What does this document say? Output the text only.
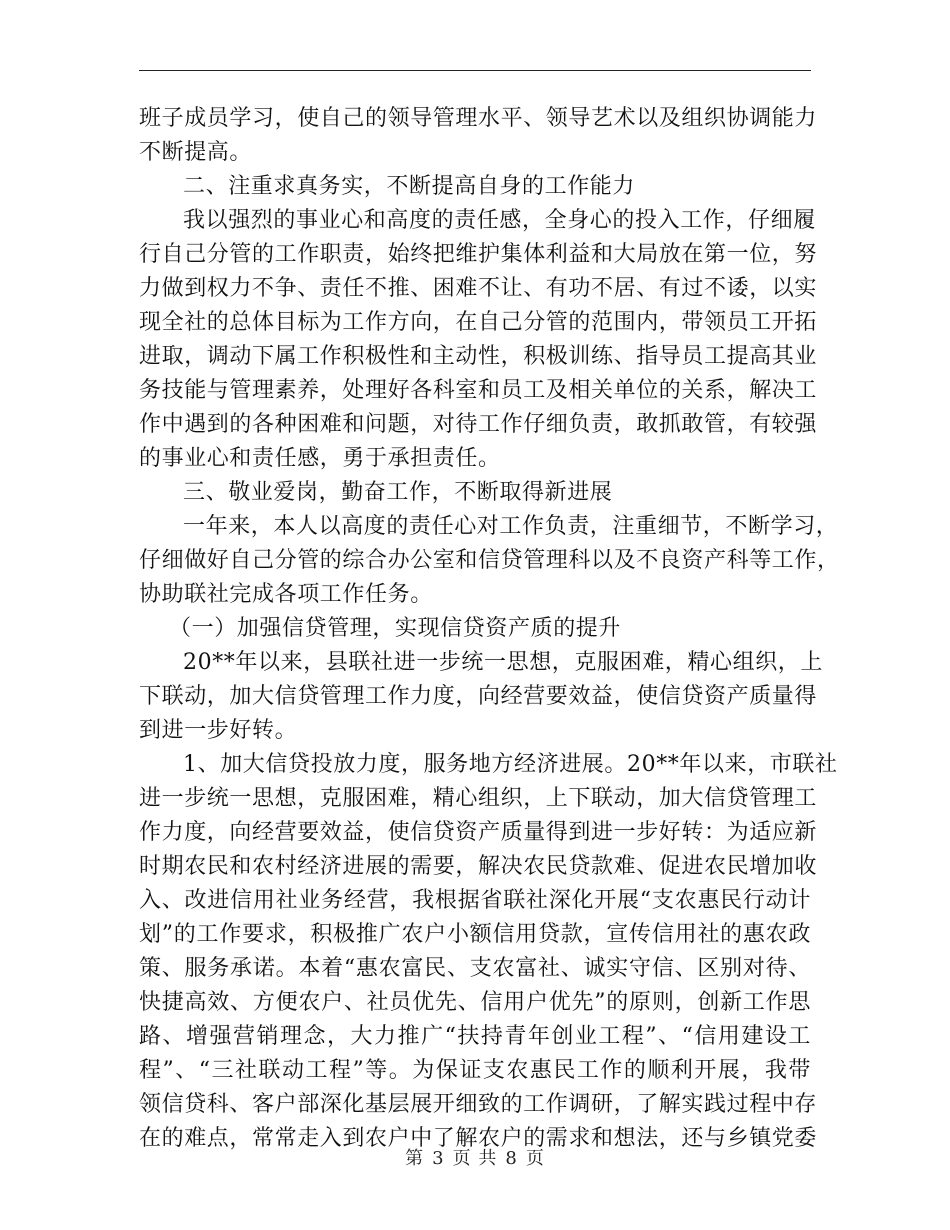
班子成员学习，使自己的领导管理水平、领导艺术以及组织协调能力
不断提高。
二、注重求真务实，不断提高自身的工作能力
我以强烈的事业心和高度的责任感，全身心的投入工作，仔细履
行自己分管的工作职责，始终把维护集体利益和大局放在第一位，努
力做到权力不争、责任不推、困难不让、有功不居、有过不诿，以实
现全社的总体目标为工作方向，在自己分管的范围内，带领员工开拓
进取，调动下属工作积极性和主动性，积极训练、指导员工提高其业
务技能与管理素养，处理好各科室和员工及相关单位的关系，解决工
作中遇到的各种困难和问题，对待工作仔细负责，敢抓敢管，有较强
的事业心和责任感，勇于承担责任。
三、敬业爱岗，勤奋工作，不断取得新进展
一年来，本人以高度的责任心对工作负责，注重细节，不断学习，
仔细做好自己分管的综合办公室和信贷管理科以及不良资产科等工作，
协助联社完成各项工作任务。
（一）加强信贷管理，实现信贷资产质的提升
20**年以来，县联社进一步统一思想，克服困难，精心组织，上
下联动，加大信贷管理工作力度，向经营要效益，使信贷资产质量得
到进一步好转。
1、加大信贷投放力度，服务地方经济进展。20**年以来，市联社
进一步统一思想，克服困难，精心组织，上下联动，加大信贷管理工
作力度，向经营要效益，使信贷资产质量得到进一步好转：为适应新
时期农民和农村经济进展的需要，解决农民贷款难、促进农民增加收
入、改进信用社业务经营，我根据省联社深化开展“支农惠民行动计
划”的工作要求，积极推广农户小额信用贷款，宣传信用社的惠农政
策、服务承诺。本着“惠农富民、支农富社、诚实守信、区别对待、
快捷高效、方便农户、社员优先、信用户优先”的原则，创新工作思
路、增强营销理念，大力推广“扶持青年创业工程”、“信用建设工
程”、“三社联动工程”等。为保证支农惠民工作的顺利开展，我带
领信贷科、客户部深化基层展开细致的工作调研，了解实践过程中存
在的难点，常常走入到农户中了解农户的需求和想法，还与乡镇党委
第 3 页 共 8 页
